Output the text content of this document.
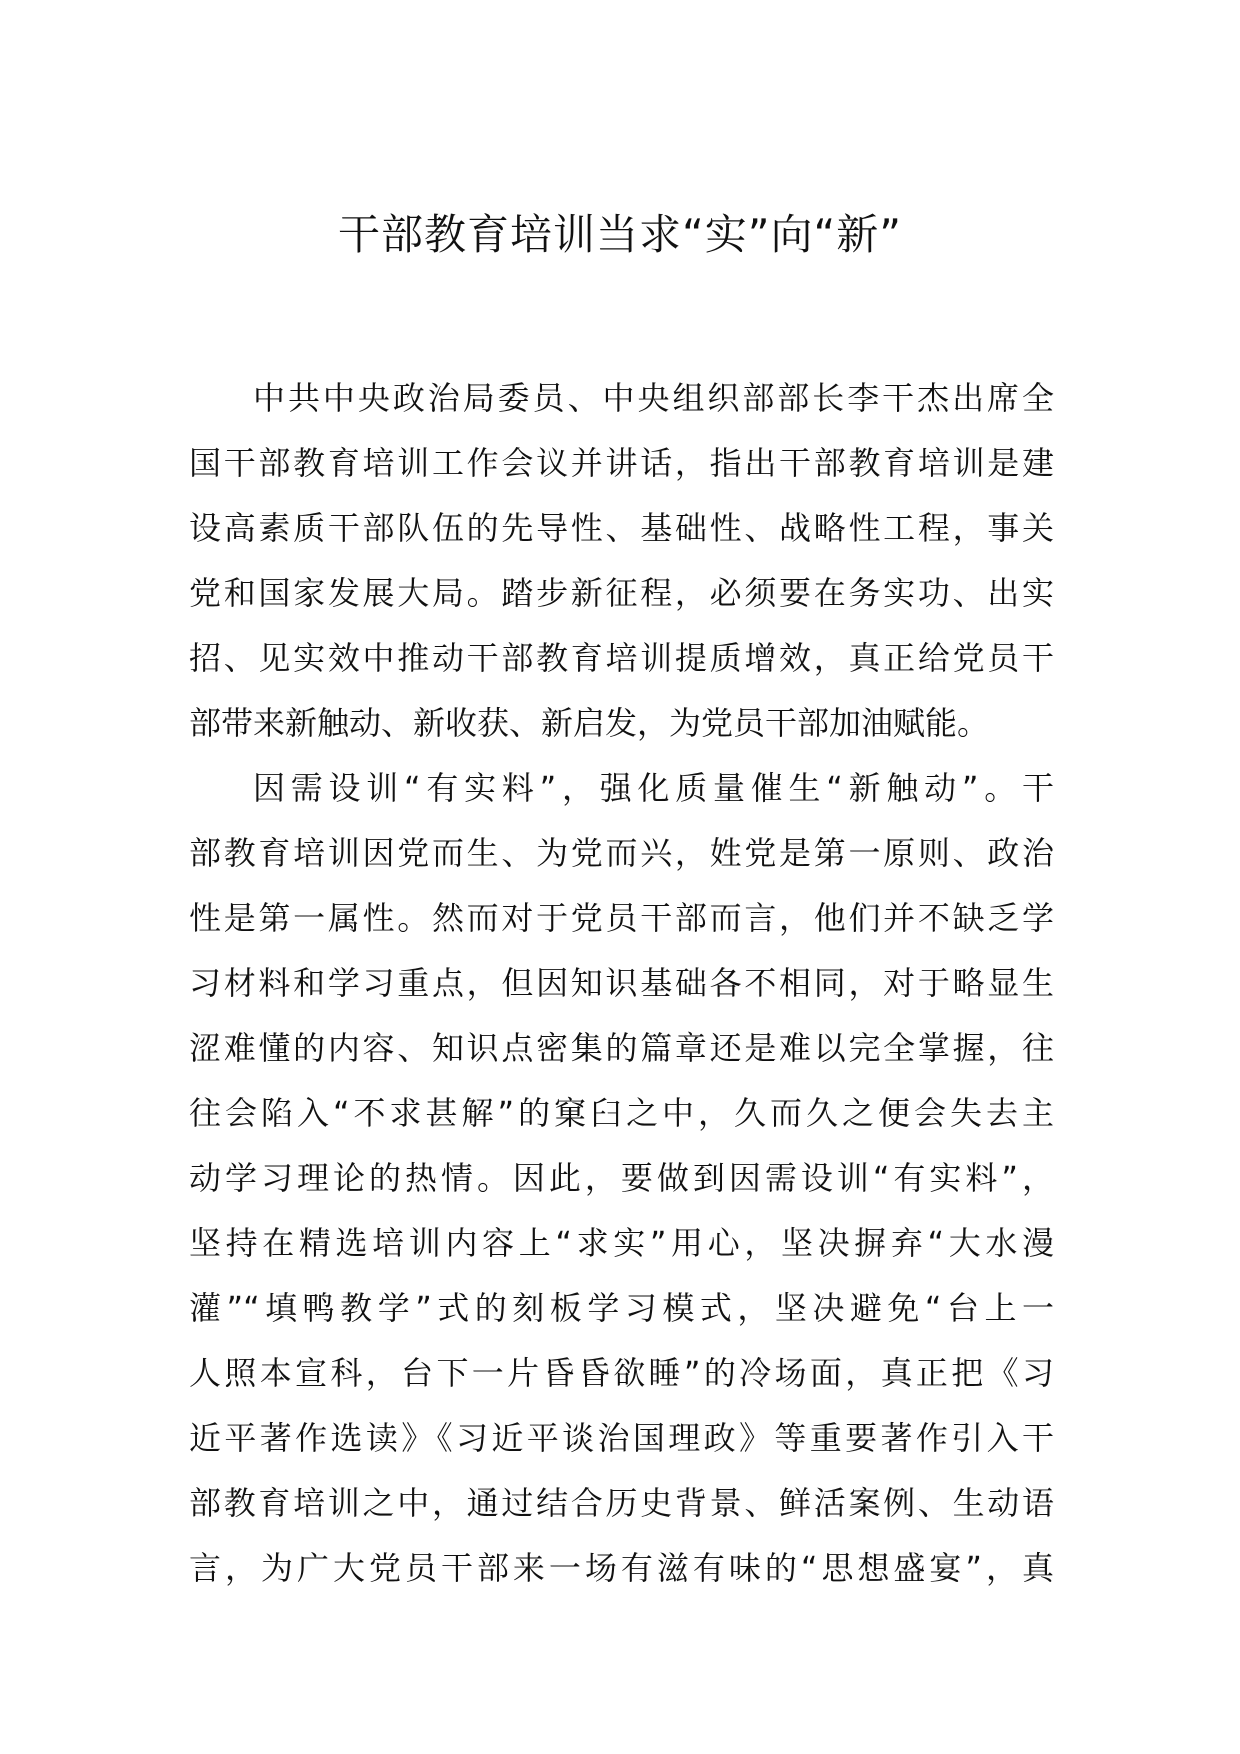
干部教育培训当求“实”向“新”
中共中央政治局委员、中央组织部部长李干杰出席全
国干部教育培训工作会议并讲话，指出干部教育培训是建
设高素质干部队伍的先导性、基础性、战略性工程，事关
党和国家发展大局。踏步新征程，必须要在务实功、出实
招、见实效中推动干部教育培训提质增效，真正给党员干
部带来新触动、新收获、新启发，为党员干部加油赋能。
因需设训“有实料”，强化质量催生“新触动”。干
部教育培训因党而生、为党而兴，姓党是第一原则、政治
性是第一属性。然而对于党员干部而言，他们并不缺乏学
习材料和学习重点，但因知识基础各不相同，对于略显生
涩难懂的内容、知识点密集的篇章还是难以完全掌握，往
往会陷入“不求甚解”的窠臼之中，久而久之便会失去主
动学习理论的热情。因此，要做到因需设训“有实料”，
坚持在精选培训内容上“求实”用心，坚决摒弃“大水漫
灌”“填鸭教学”式的刻板学习模式，坚决避免“台上一
人照本宣科，台下一片昏昏欲睡”的冷场面，真正把《习
近平著作选读》《习近平谈治国理政》等重要著作引入干
部教育培训之中，通过结合历史背景、鲜活案例、生动语
言，为广大党员干部来一场有滋有味的“思想盛宴”，真
